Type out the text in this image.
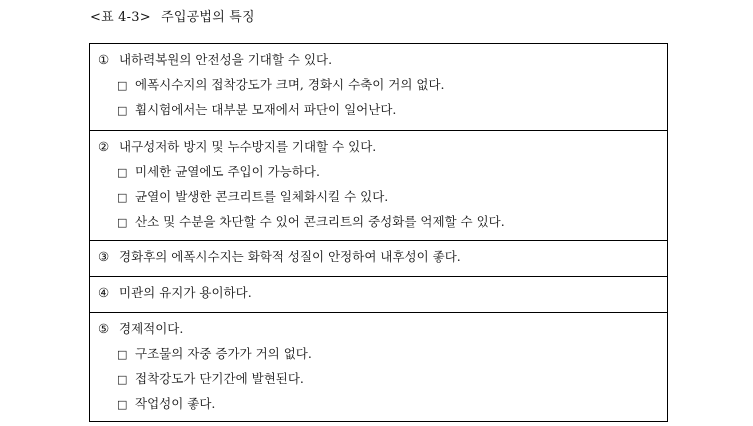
<표 4-3> 주입공법의 특징
① 내하력복원의 안전성을 기대할 수 있다.
□ 에폭시수지의 접착강도가 크며, 경화시 수축이 거의 없다.
□ 휨시험에서는 대부분 모재에서 파단이 일어난다.
② 내구성저하 방지 및 누수방지를 기대할 수 있다.
□ 미세한 균열에도 주입이 가능하다.
□ 균열이 발생한 콘크리트를 일체화시킬 수 있다.
□ 산소 및 수분을 차단할 수 있어 콘크리트의 중성화를 억제할 수 있다.
③ 경화후의 에폭시수지는 화학적 성질이 안정하여 내후성이 좋다.
④ 미관의 유지가 용이하다.
⑤ 경제적이다.
□ 구조물의 자중 증가가 거의 없다.
□ 접착강도가 단기간에 발현된다.
□ 작업성이 좋다.
